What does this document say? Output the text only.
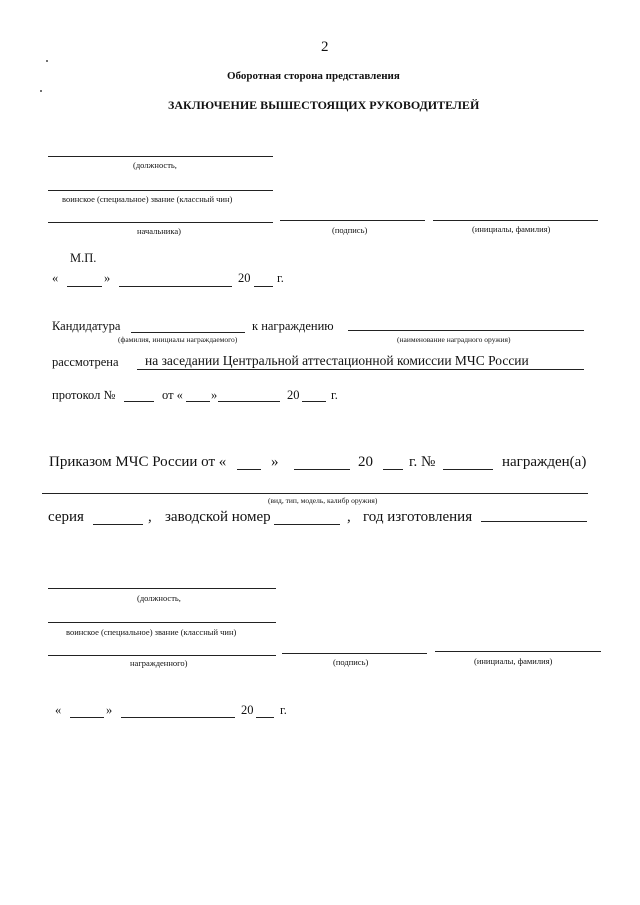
2
Оборотная сторона представления
ЗАКЛЮЧЕНИЕ ВЫШЕСТОЯЩИХ РУКОВОДИТЕЛЕЙ
(должность,
воинское (специальное) звание (классный чин)
начальника)	(подпись)	(инициалы, фамилия)
М.П.
«	»	20 г.
Кандидатура
(фамилия, инициалы награждаемого)
к награждению
(наименование наградного оружия)
рассмотрена на заседании Центральной аттестационной комиссии МЧС России
протокол №	от « »	20	г.
Приказом МЧС России от «	»	20 г. №	награжден(а)
(вид, тип, модель, калибр оружия)
серия	, заводской номер	, год изготовления
(должность,
воинское (специальное) звание (классный чин)
награжденного)	(подпись)	(инициалы, фамилия)
«	»	20 г.
